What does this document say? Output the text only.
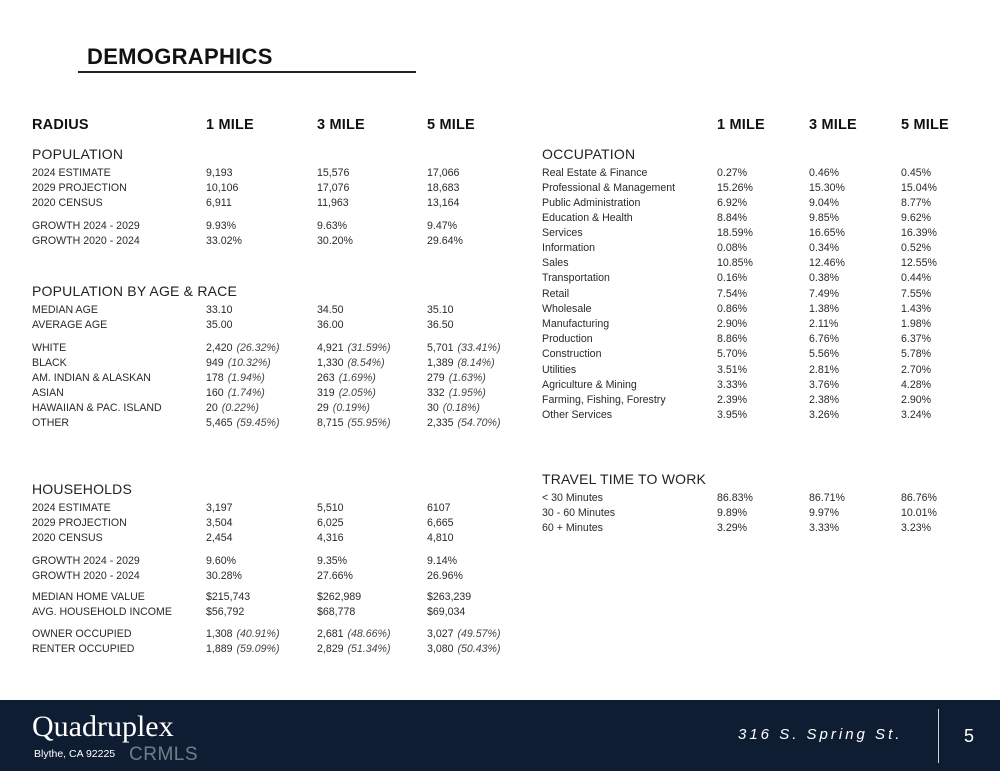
DEMOGRAPHICS
RADIUS	1 MILE	3 MILE	5 MILE	1 MILE	3 MILE	5 MILE
POPULATION
POPULATION BY AGE & RACE
HOUSEHOLDS
OCCUPATION
TRAVEL TIME TO WORK
2024 ESTIMATE	9,193	15,576	17,066
2029 PROJECTION	10,106	17,076	18,683
2020 CENSUS	6,911	11,963	13,164
GROWTH 2024 - 2029	9.93%	9.63%	9.47%
GROWTH 2020 - 2024	33.02%	30.20%	29.64%
MEDIAN AGE	33.10	34.50	35.10
AVERAGE AGE	35.00	36.00	36.50
WHITE	2,420 (26.32%)	4,921 (31.59%)	5,701 (33.41%)
BLACK	949 (10.32%)	1,330 (8.54%)	1,389 (8.14%)
AM. INDIAN & ALASKAN	178 (1.94%)	263 (1.69%)	279 (1.63%)
ASIAN	160 (1.74%)	319 (2.05%)	332 (1.95%)
HAWAIIAN & PAC. ISLAND	20 (0.22%)	29 (0.19%)	30 (0.18%)
OTHER	5,465 (59.45%)	8,715 (55.95%)	2,335 (54.70%)
2024 ESTIMATE	3,197	5,510	6107
2029 PROJECTION	3,504	6,025	6,665
2020 CENSUS	2,454	4,316	4,810
GROWTH 2024 - 2029	9.60%	9.35%	9.14%
GROWTH 2020 - 2024	30.28%	27.66%	26.96%
MEDIAN HOME VALUE	$215,743	$262,989	$263,239
AVG. HOUSEHOLD INCOME	$56,792	$68,778	$69,034
OWNER OCCUPIED	1,308 (40.91%)	2,681 (48.66%)	3,027 (49.57%)
RENTER OCCUPIED	1,889 (59.09%)	2,829 (51.34%)	3,080 (50.43%)
Real Estate & Finance	0.27%	0.46%	0.45%
Professional & Management	15.26%	15.30%	15.04%
Public Administration	6.92%	9.04%	8.77%
Education & Health	8.84%	9.85%	9.62%
Services	18.59%	16.65%	16.39%
Information	0.08%	0.34%	0.52%
Sales	10.85%	12.46%	12.55%
Transportation	0.16%	0.38%	0.44%
Retail	7.54%	7.49%	7.55%
Wholesale	0.86%	1.38%	1.43%
Manufacturing	2.90%	2.11%	1.98%
Production	8.86%	6.76%	6.37%
Construction	5.70%	5.56%	5.78%
Utilities	3.51%	2.81%	2.70%
Agriculture & Mining	3.33%	3.76%	4.28%
Farming, Fishing, Forestry	2.39%	2.38%	2.90%
Other Services	3.95%	3.26%	3.24%
< 30 Minutes	86.83%	86.71%	86.76%
30 - 60 Minutes	9.89%	9.97%	10.01%
60 + Minutes	3.29%	3.33%	3.23%
Quadruplex
Blythe, CA 92225 CRMLS
316 S. Spring St.	5
